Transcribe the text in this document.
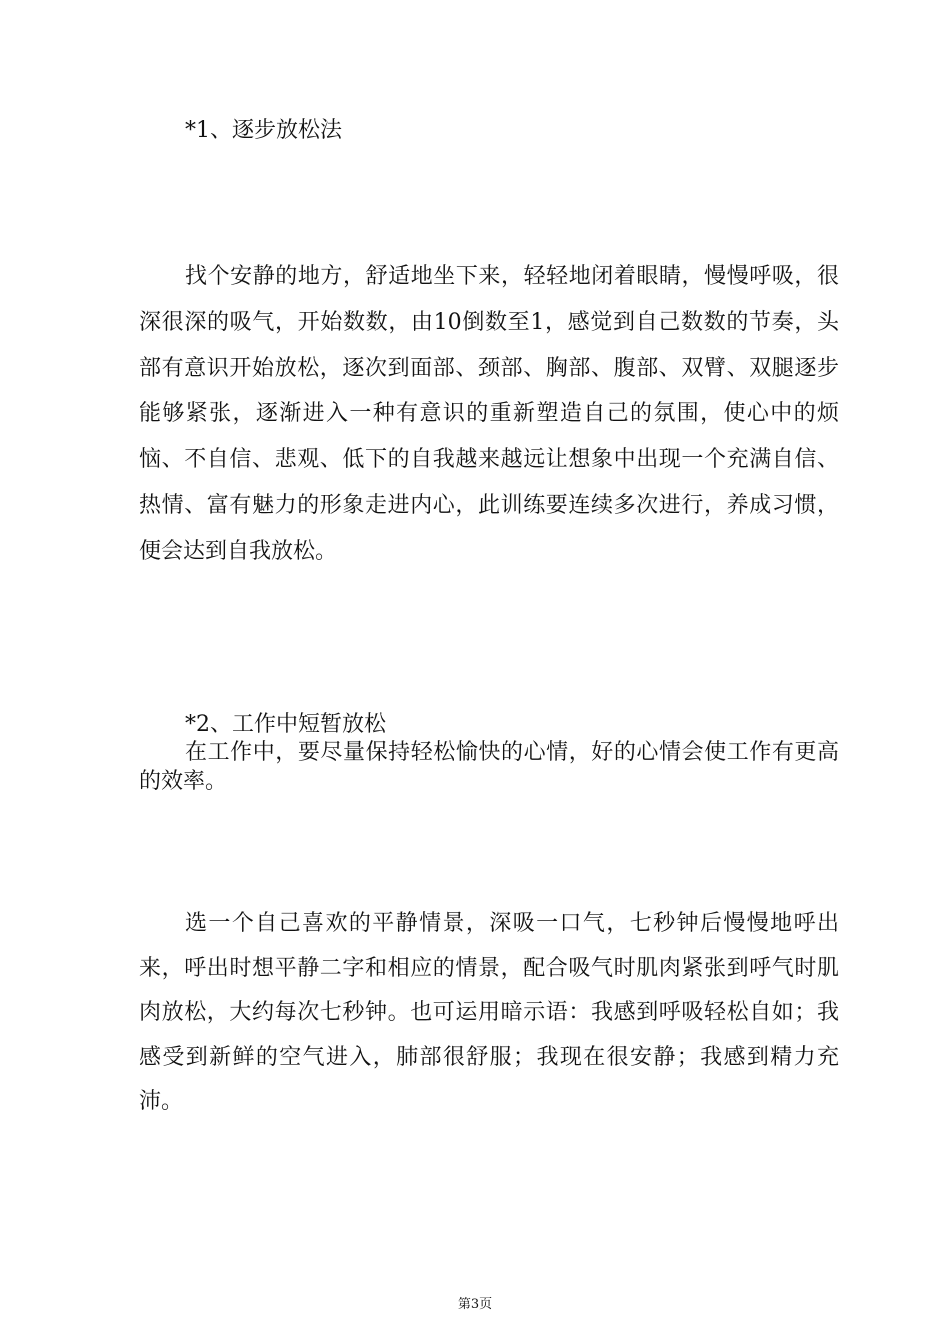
*1、逐步放松法

找个安静的地方，舒适地坐下来，轻轻地闭着眼睛，慢慢呼吸，很深很深的吸气，开始数数，由10倒数至1，感觉到自己数数的节奏，头部有意识开始放松，逐次到面部、颈部、胸部、腹部、双臂、双腿逐步能够紧张，逐渐进入一种有意识的重新塑造自己的氛围，使心中的烦恼、不自信、悲观、低下的自我越来越远让想象中出现一个充满自信、热情、富有魅力的形象走进内心，此训练要连续多次进行，养成习惯，便会达到自我放松。

*2、工作中短暂放松

在工作中，要尽量保持轻松愉快的心情，好的心情会使工作有更高的效率。

选一个自己喜欢的平静情景，深吸一口气，七秒钟后慢慢地呼出来，呼出时想平静二字和相应的情景，配合吸气时肌肉紧张到呼气时肌肉放松，大约每次七秒钟。也可运用暗示语：我感到呼吸轻松自如；我感受到新鲜的空气进入，肺部很舒服；我现在很安静；我感到精力充沛。

第3页
